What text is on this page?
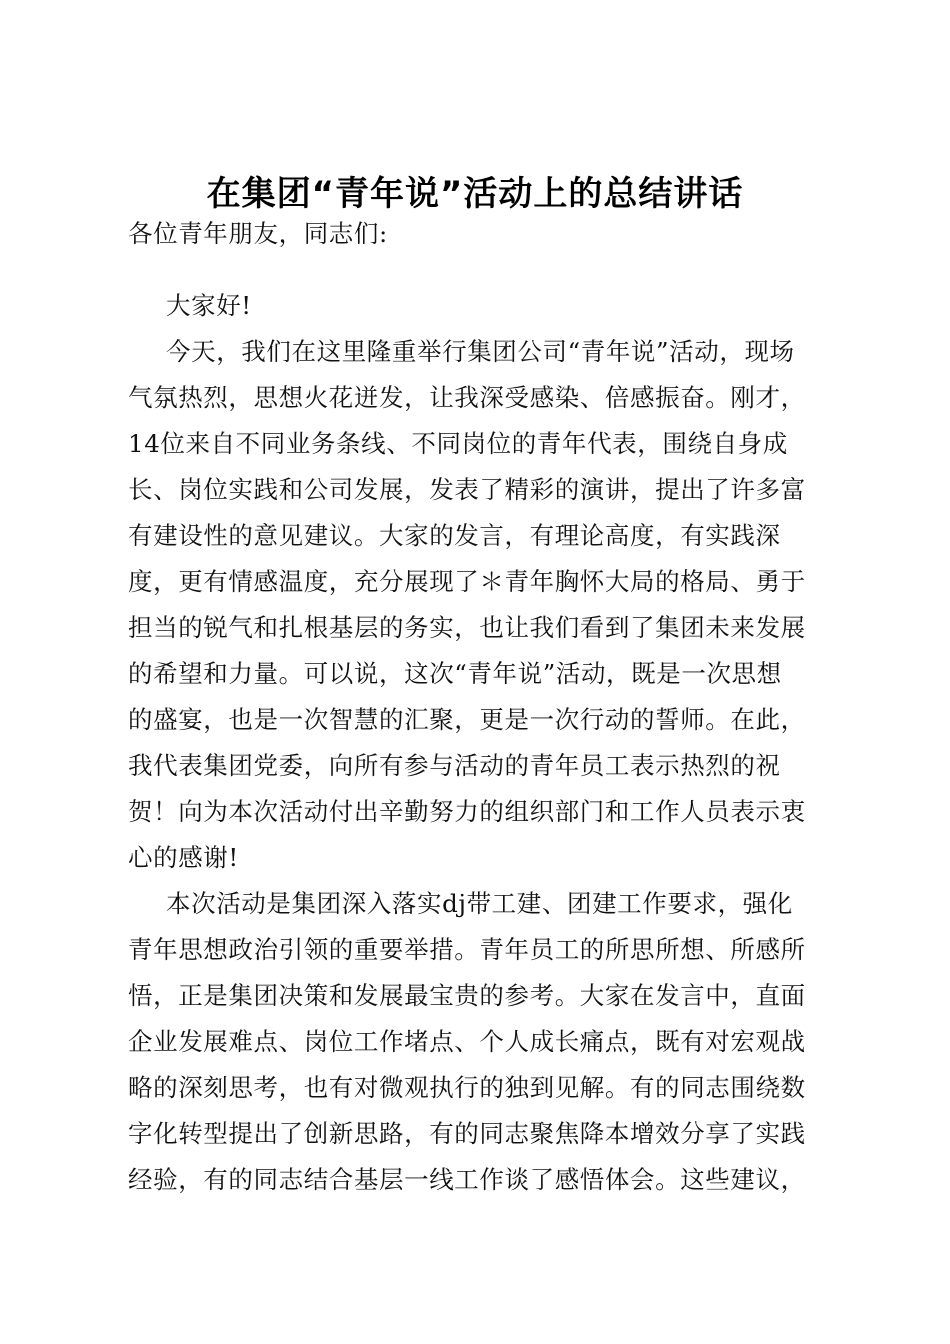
在集团“青年说”活动上的总结讲话
各位青年朋友，同志们:
大家好!
今天，我们在这里隆重举行集团公司“青年说”活动，现场
气氛热烈，思想火花迸发，让我深受感染、倍感振奋。刚才，
14位来自不同业务条线、不同岗位的青年代表，围绕自身成
长、岗位实践和公司发展，发表了精彩的演讲，提出了许多富
有建设性的意见建议。大家的发言，有理论高度，有实践深
度，更有情感温度，充分展现了＊青年胸怀大局的格局、勇于
担当的锐气和扎根基层的务实，也让我们看到了集团未来发展
的希望和力量。可以说，这次“青年说”活动，既是一次思想
的盛宴，也是一次智慧的汇聚，更是一次行动的誓师。在此，
我代表集团党委，向所有参与活动的青年员工表示热烈的祝
贺！向为本次活动付出辛勤努力的组织部门和工作人员表示衷
心的感谢!
本次活动是集团深入落实dj带工建、团建工作要求，强化
青年思想政治引领的重要举措。青年员工的所思所想、所感所
悟，正是集团决策和发展最宝贵的参考。大家在发言中，直面
企业发展难点、岗位工作堵点、个人成长痛点，既有对宏观战
略的深刻思考，也有对微观执行的独到见解。有的同志围绕数
字化转型提出了创新思路，有的同志聚焦降本增效分享了实践
经验，有的同志结合基层一线工作谈了感悟体会。这些建议，
